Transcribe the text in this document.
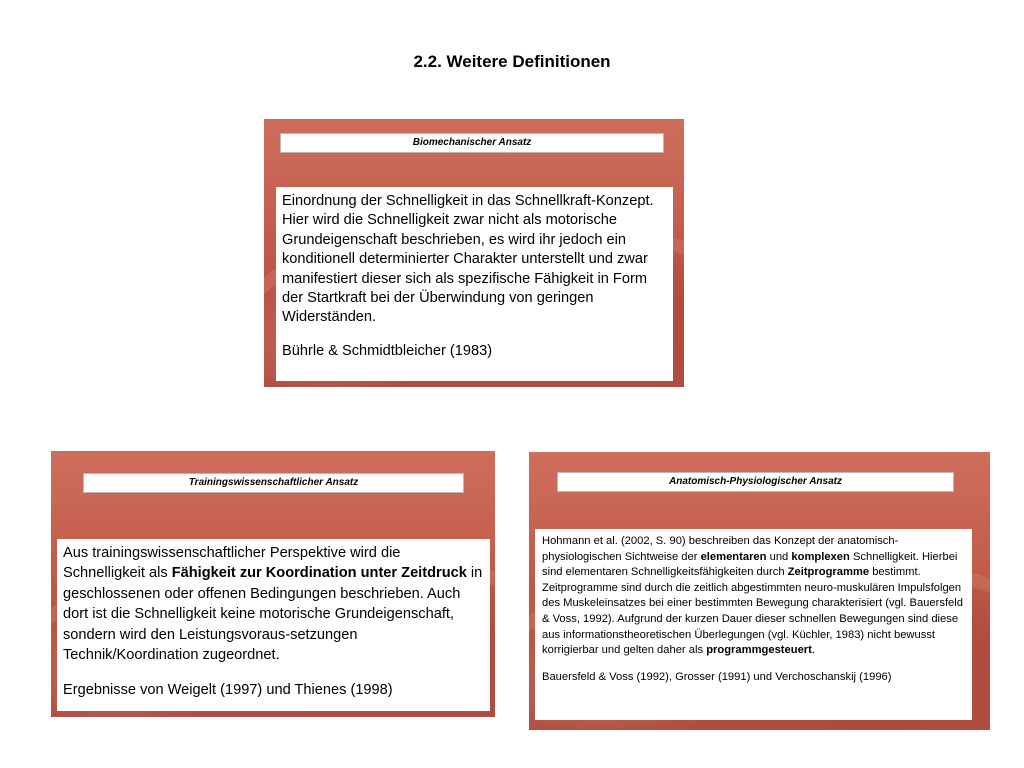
2.2. Weitere Definitionen
Biomechanischer Ansatz

Einordnung der Schnelligkeit in das Schnellkraft-Konzept.

Hier wird die Schnelligkeit zwar nicht als motorische Grundeigenschaft beschrieben, es wird ihr jedoch ein konditionell determinierter Charakter unterstellt und zwar manifestiert dieser sich als spezifische Fähigkeit in Form der Startkraft bei der Überwindung von geringen Widerständen.

Bührle & Schmidtbleicher (1983)

Trainingswissenschaftlicher Ansatz

Aus trainingswissenschaftlicher Perspektive wird die Schnelligkeit als Fähigkeit zur Koordination unter Zeitdruck in geschlossenen oder offenen Bedingungen beschrieben. Auch dort ist die Schnelligkeit keine motorische Grundeigenschaft, sondern wird den Leistungsvoraus-setzungen Technik/Koordination zugeordnet.

Ergebnisse von Weigelt (1997) und Thienes (1998)

Anatomisch-Physiologischer Ansatz

Hohmann et al. (2002, S. 90) beschreiben das Konzept der anatomisch-physiologischen Sichtweise der elementaren und komplexen Schnelligkeit. Hierbei sind elementaren Schnelligkeitsfähigkeiten durch Zeitprogramme bestimmt. Zeitprogramme sind durch die zeitlich abgestimmten neuro-muskulären Impulsfolgen des Muskeleinsatzes bei einer bestimmten Bewegung charakterisiert (vgl. Bauersfeld & Voss, 1992). Aufgrund der kurzen Dauer dieser schnellen Bewegungen sind diese aus informationstheoretischen Überlegungen (vgl. Küchler, 1983) nicht bewusst korrigierbar und gelten daher als programmgesteuert.

Bauersfeld & Voss (1992), Grosser (1991) und Verchoschanskij (1996)
